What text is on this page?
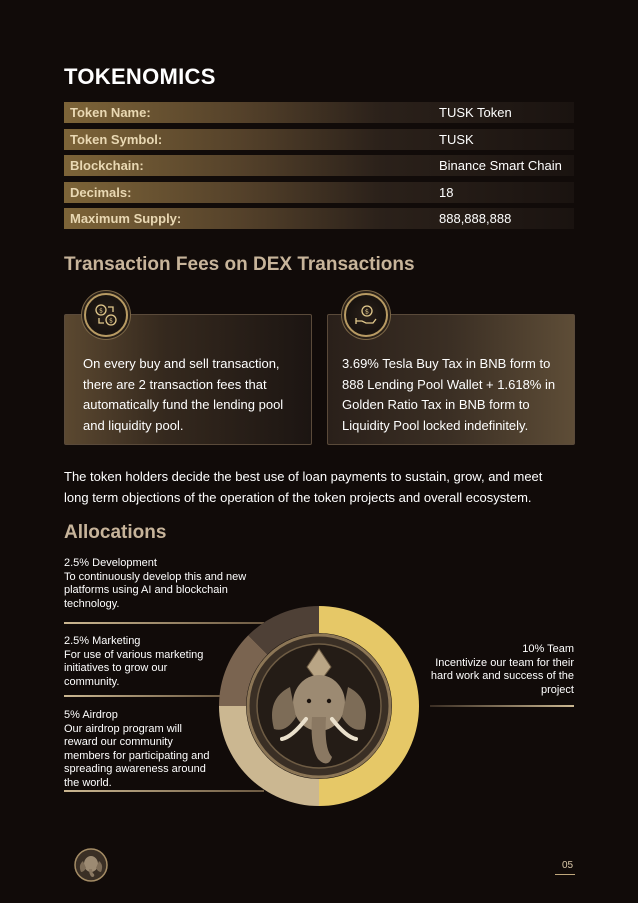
TOKENOMICS
Token Name:	TUSK Token
Token Symbol:	TUSK
Blockchain:	Binance Smart Chain
Decimals:	18
Maximum Supply:	888,888,888
Transaction Fees on DEX Transactions
On every buy and sell transaction,
there are 2 transaction fees that
automatically fund the lending pool
and liquidity pool.
$
$
3.69% Tesla Buy Tax in BNB form to
888 Lending Pool Wallet + 1.618% in
Golden Ratio Tax in BNB form to
Liquidity Pool locked indefinitely.
$
The token holders decide the best use of loan payments to sustain, grow, and meet
long term objections of the operation of the token projects and overall ecosystem.
Allocations
2.5% Development
To continuously develop this and new
platforms using AI and blockchain
technology.
2.5% Marketing
For use of various marketing
initiatives to grow our
community.
5% Airdrop
Our airdrop program will
reward our community
members for participating and
spreading awareness around
the world.
10% Team
Incentivize our team for their
hard work and success of the
project
05
